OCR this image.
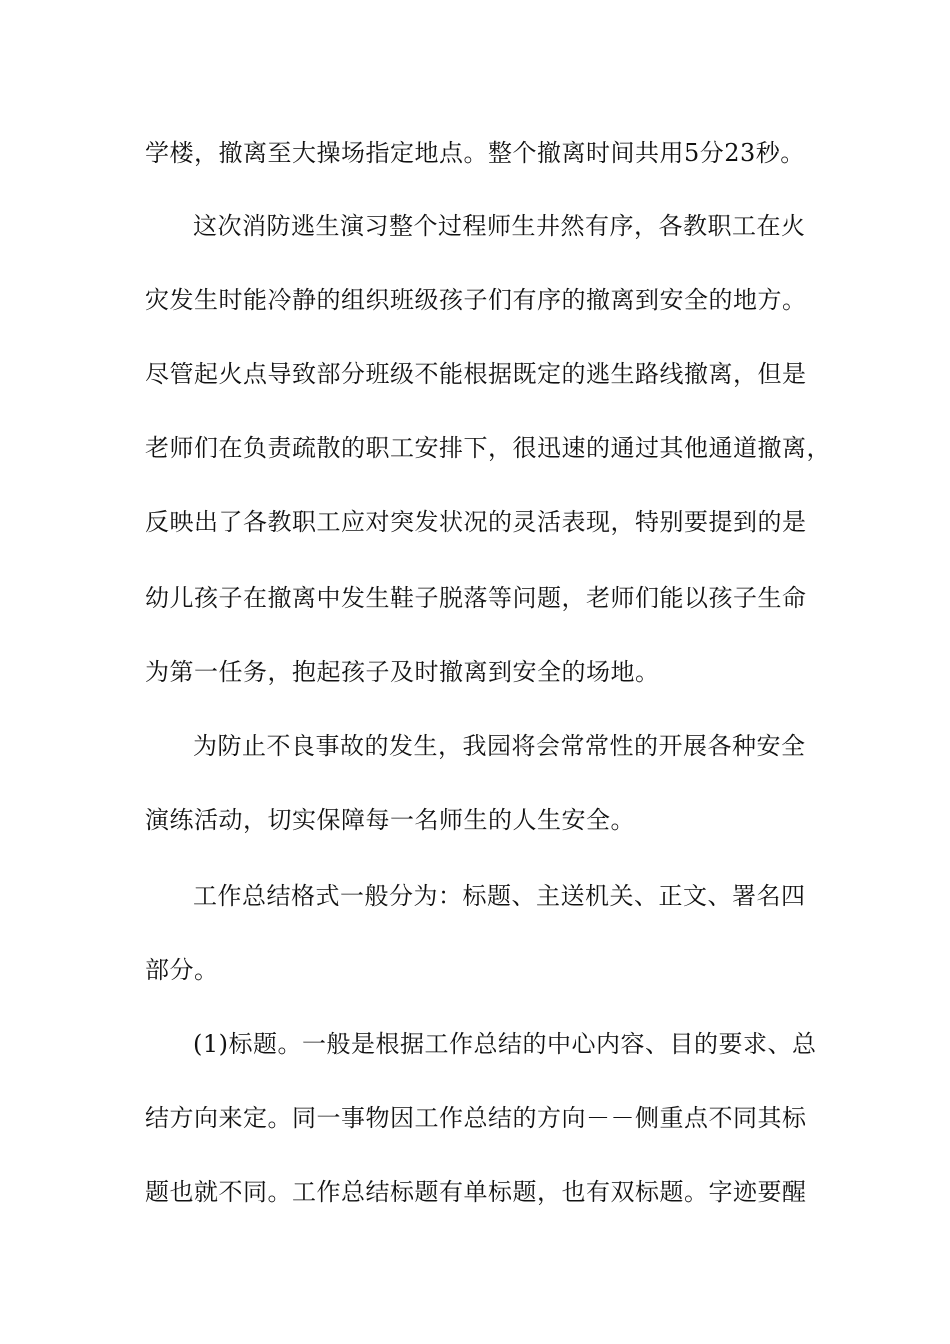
学楼，撤离至大操场指定地点。整个撤离时间共用5分23秒。
这次消防逃生演习整个过程师生井然有序，各教职工在火
灾发生时能冷静的组织班级孩子们有序的撤离到安全的地方。
尽管起火点导致部分班级不能根据既定的逃生路线撤离，但是
老师们在负责疏散的职工安排下，很迅速的通过其他通道撤离，
反映出了各教职工应对突发状况的灵活表现，特别要提到的是
幼儿孩子在撤离中发生鞋子脱落等问题，老师们能以孩子生命
为第一任务，抱起孩子及时撤离到安全的场地。
为防止不良事故的发生，我园将会常常性的开展各种安全
演练活动，切实保障每一名师生的人生安全。
工作总结格式一般分为：标题、主送机关、正文、署名四
部分。
(1)标题。一般是根据工作总结的中心内容、目的要求、总
结方向来定。同一事物因工作总结的方向－－侧重点不同其标
题也就不同。工作总结标题有单标题，也有双标题。字迹要醒
